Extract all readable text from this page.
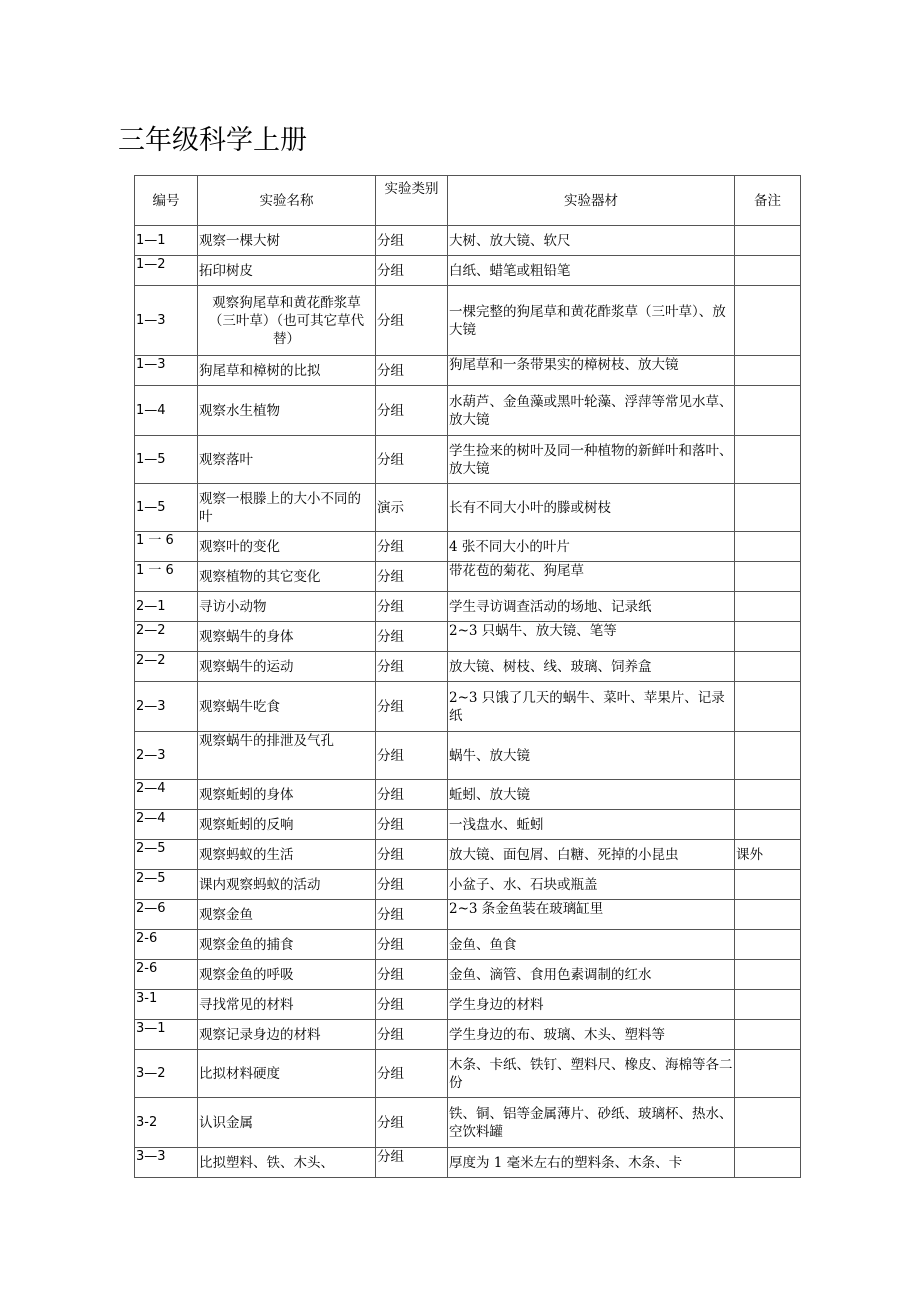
三年级科学上册
编号	实验名称	实验类别	实验器材	备注
1—1	观察一棵大树	分组	大树、放大镜、软尺	
1—2	拓印树皮	分组	白纸、蜡笔或粗铅笔	
1—3	观察狗尾草和黄花酢浆草（三叶草）（也可其它草代替）	分组	一棵完整的狗尾草和黄花酢浆草（三叶草）、放大镜	
1—3	狗尾草和樟树的比拟	分组	狗尾草和一条带果实的樟树枝、放大镜	
1—4	观察水生植物	分组	水葫芦、金鱼藻或黑叶轮藻、浮萍等常见水草、放大镜	
1—5	观察落叶	分组	学生捡来的树叶及同一种植物的新鲜叶和落叶、放大镜	
1—5	观察一根滕上的大小不同的叶	演示	长有不同大小叶的滕或树枝	
1 一 6	观察叶的变化	分组	4 张不同大小的叶片	
1 一 6	观察植物的其它变化	分组	带花苞的菊花、狗尾草	
2—1	寻访小动物	分组	学生寻访调查活动的场地、记录纸	
2—2	观察蜗牛的身体	分组	2~3 只蜗牛、放大镜、笔等	
2—2	观察蜗牛的运动	分组	放大镜、树枝、线、玻璃、饲养盒	
2—3	观察蜗牛吃食	分组	2~3 只饿了几天的蜗牛、菜叶、苹果片、记录纸	
2—3	观察蜗牛的排泄及气孔	分组	蜗牛、放大镜	
2—4	观察蚯蚓的身体	分组	蚯蚓、放大镜	
2—4	观察蚯蚓的反响	分组	一浅盘水、蚯蚓	
2—5	观察蚂蚁的生活	分组	放大镜、面包屑、白糖、死掉的小昆虫	课外
2—5	课内观察蚂蚁的活动	分组	小盆子、水、石块或瓶盖	
2—6	观察金鱼	分组	2~3 条金鱼装在玻璃缸里	
2-6	观察金鱼的捕食	分组	金鱼、鱼食	
2-6	观察金鱼的呼吸	分组	金鱼、滴管、食用色素调制的红水	
3-1	寻找常见的材料	分组	学生身边的材料	
3—1	观察记录身边的材料	分组	学生身边的布、玻璃、木头、塑料等	
3—2	比拟材料硬度	分组	木条、卡纸、铁钉、塑料尺、橡皮、海棉等各二份	
3-2	认识金属	分组	铁、铜、铝等金属薄片、砂纸、玻璃杯、热水、空饮料罐	
3—3	比拟塑料、铁、木头、	分组	厚度为 1 毫米左右的塑料条、木条、卡	
